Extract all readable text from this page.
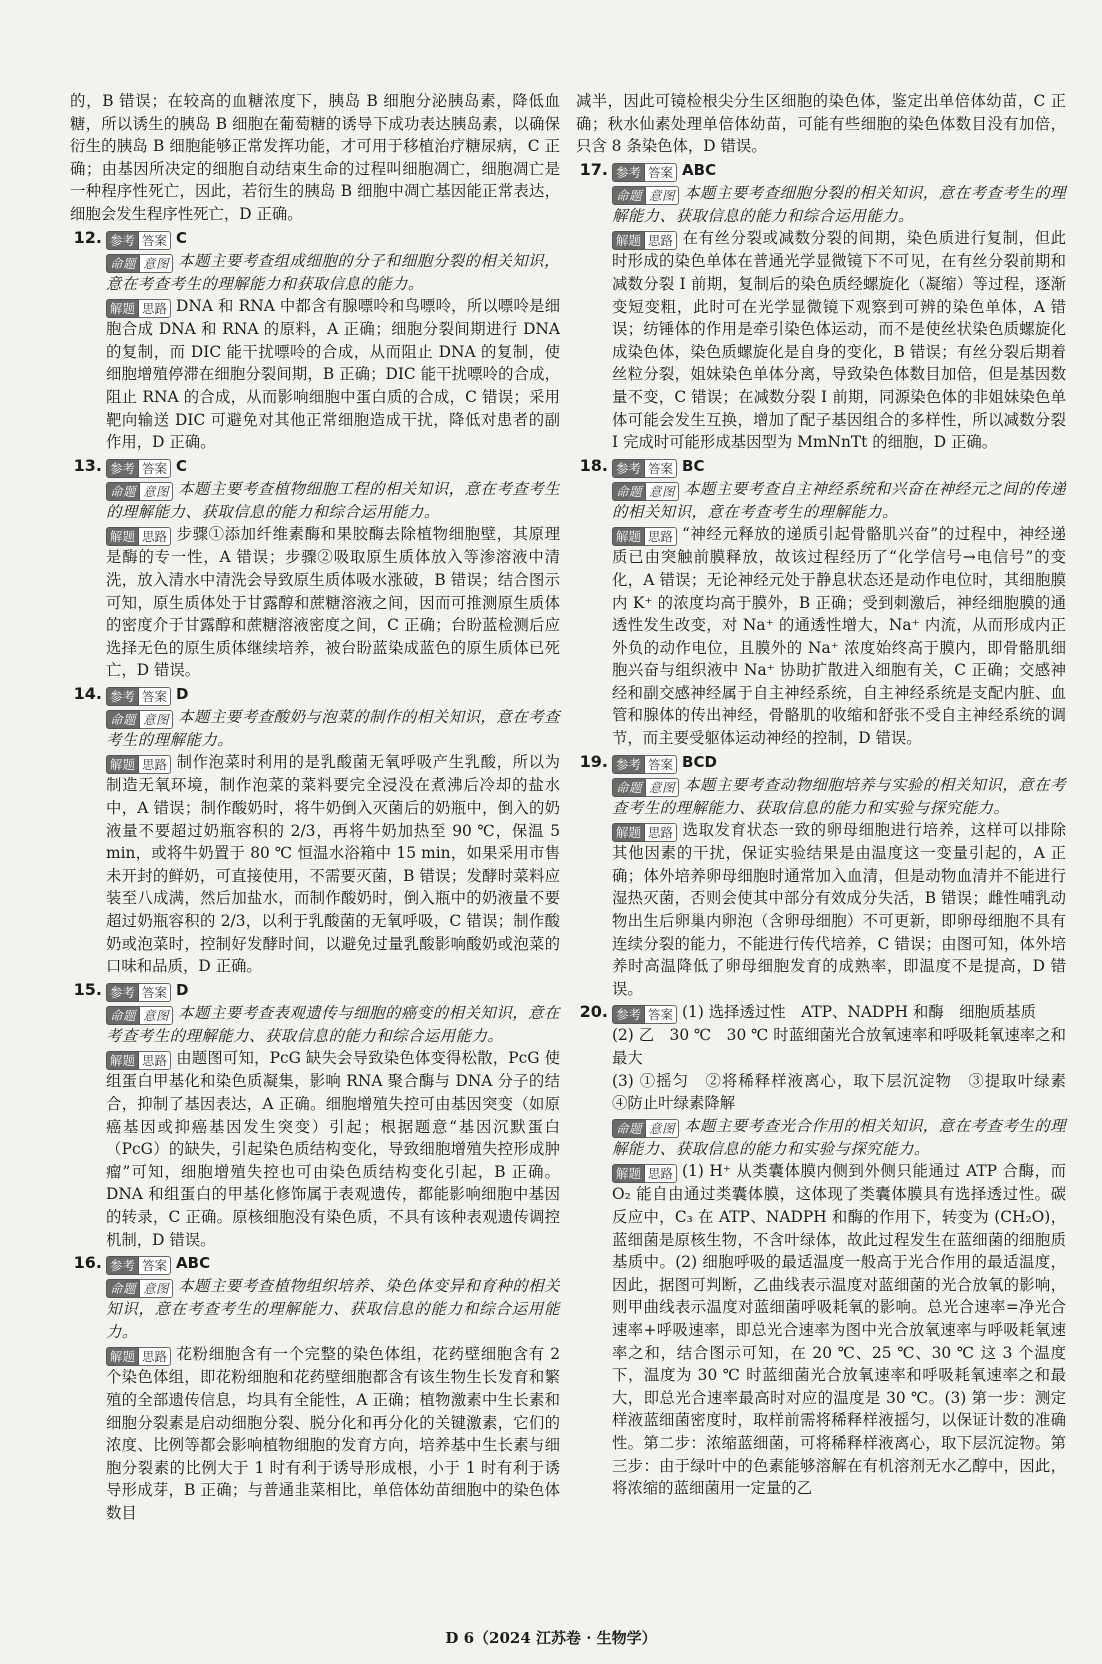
的，B 错误；在较高的血糖浓度下，胰岛 B 细胞分泌胰岛素，降低血糖，所以诱生的胰岛 B 细胞在葡萄糖的诱导下成功表达胰岛素，以确保衍生的胰岛 B 细胞能够正常发挥功能，才可用于移植治疗糖尿病，C 正确；由基因所决定的细胞自动结束生命的过程叫细胞凋亡，细胞凋亡是一种程序性死亡，因此，若衍生的胰岛 B 细胞中凋亡基因能正常表达，细胞会发生程序性死亡，D 正确。
12. 参考 答案 C
命题 意图 本题主要考查组成细胞的分子和细胞分裂的相关知识，意在考查考生的理解能力和获取信息的能力。
解题 思路 DNA 和 RNA 中都含有腺嘌呤和鸟嘌呤，所以嘌呤是细胞合成 DNA 和 RNA 的原料，A 正确；细胞分裂间期进行 DNA 的复制，而 DIC 能干扰嘌呤的合成，从而阻止 DNA 的复制，使细胞增殖停滞在细胞分裂间期，B 正确；DIC 能干扰嘌呤的合成，阻止 RNA 的合成，从而影响细胞中蛋白质的合成，C 错误；采用靶向输送 DIC 可避免对其他正常细胞造成干扰，降低对患者的副作用，D 正确。
13. 参考 答案 C
命题 意图 本题主要考查植物细胞工程的相关知识，意在考查考生的理解能力、获取信息的能力和综合运用能力。
解题 思路 步骤①添加纤维素酶和果胶酶去除植物细胞壁，其原理是酶的专一性，A 错误；步骤②吸取原生质体放入等渗溶液中清洗，放入清水中清洗会导致原生质体吸水涨破，B 错误；结合图示可知，原生质体处于甘露醇和蔗糖溶液之间，因而可推测原生质体的密度介于甘露醇和蔗糖溶液密度之间，C 正确；台盼蓝检测后应选择无色的原生质体继续培养，被台盼蓝染成蓝色的原生质体已死亡，D 错误。
14. 参考 答案 D
命题 意图 本题主要考查酸奶与泡菜的制作的相关知识，意在考查考生的理解能力。
解题 思路 制作泡菜时利用的是乳酸菌无氧呼吸产生乳酸，所以为制造无氧环境，制作泡菜的菜料要完全浸没在煮沸后冷却的盐水中，A 错误；制作酸奶时，将牛奶倒入灭菌后的奶瓶中，倒入的奶液量不要超过奶瓶容积的 2/3，再将牛奶加热至 90 ℃，保温 5 min，或将牛奶置于 80 ℃ 恒温水浴箱中 15 min，如果采用市售未开封的鲜奶，可直接使用，不需要灭菌，B 错误；发酵时菜料应装至八成满，然后加盐水，而制作酸奶时，倒入瓶中的奶液量不要超过奶瓶容积的 2/3，以利于乳酸菌的无氧呼吸，C 错误；制作酸奶或泡菜时，控制好发酵时间，以避免过量乳酸影响酸奶或泡菜的口味和品质，D 正确。
15. 参考 答案 D
命题 意图 本题主要考查表观遗传与细胞的癌变的相关知识，意在考查考生的理解能力、获取信息的能力和综合运用能力。
解题 思路 由题图可知，PcG 缺失会导致染色体变得松散，PcG 使组蛋白甲基化和染色质凝集，影响 RNA 聚合酶与 DNA 分子的结合，抑制了基因表达，A 正确。细胞增殖失控可由基因突变（如原癌基因或抑癌基因发生突变）引起；根据题意“基因沉默蛋白（PcG）的缺失，引起染色质结构变化，导致细胞增殖失控形成肿瘤”可知，细胞增殖失控也可由染色质结构变化引起，B 正确。DNA 和组蛋白的甲基化修饰属于表观遗传，都能影响细胞中基因的转录，C 正确。原核细胞没有染色质，不具有该种表观遗传调控机制，D 错误。
16. 参考 答案 ABC
命题 意图 本题主要考查植物组织培养、染色体变异和育种的相关知识，意在考查考生的理解能力、获取信息的能力和综合运用能力。
解题 思路 花粉细胞含有一个完整的染色体组，花药壁细胞含有 2 个染色体组，即花粉细胞和花药壁细胞都含有该生物生长发育和繁殖的全部遗传信息，均具有全能性，A 正确；植物激素中生长素和细胞分裂素是启动细胞分裂、脱分化和再分化的关键激素，它们的浓度、比例等都会影响植物细胞的发育方向，培养基中生长素与细胞分裂素的比例大于 1 时有利于诱导形成根，小于 1 时有利于诱导形成芽，B 正确；与普通韭菜相比，单倍体幼苗细胞中的染色体数目
减半，因此可镜检根尖分生区细胞的染色体，鉴定出单倍体幼苗，C 正确；秋水仙素处理单倍体幼苗，可能有些细胞的染色体数目没有加倍，只含 8 条染色体，D 错误。
17. 参考 答案 ABC
命题 意图 本题主要考查细胞分裂的相关知识，意在考查考生的理解能力、获取信息的能力和综合运用能力。
解题 思路 在有丝分裂或减数分裂的间期，染色质进行复制，但此时形成的染色单体在普通光学显微镜下不可见，在有丝分裂前期和减数分裂 Ⅰ 前期，复制后的染色质经螺旋化（凝缩）等过程，逐渐变短变粗，此时可在光学显微镜下观察到可辨的染色单体，A 错误；纺锤体的作用是牵引染色体运动，而不是使丝状染色质螺旋化成染色体，染色质螺旋化是自身的变化，B 错误；有丝分裂后期着丝粒分裂，姐妹染色单体分离，导致染色体数目加倍，但是基因数量不变，C 错误；在减数分裂 Ⅰ 前期，同源染色体的非姐妹染色单体可能会发生互换，增加了配子基因组合的多样性，所以减数分裂 Ⅰ 完成时可能形成基因型为 MmNnTt 的细胞，D 正确。
18. 参考 答案 BC
命题 意图 本题主要考查自主神经系统和兴奋在神经元之间的传递的相关知识，意在考查考生的理解能力。
解题 思路 “神经元释放的递质引起骨骼肌兴奋”的过程中，神经递质已由突触前膜释放，故该过程经历了“化学信号→电信号”的变化，A 错误；无论神经元处于静息状态还是动作电位时，其细胞膜内 K⁺ 的浓度均高于膜外，B 正确；受到刺激后，神经细胞膜的通透性发生改变，对 Na⁺ 的通透性增大，Na⁺ 内流，从而形成内正外负的动作电位，且膜外的 Na⁺ 浓度始终高于膜内，即骨骼肌细胞兴奋与组织液中 Na⁺ 协助扩散进入细胞有关，C 正确；交感神经和副交感神经属于自主神经系统，自主神经系统是支配内脏、血管和腺体的传出神经，骨骼肌的收缩和舒张不受自主神经系统的调节，而主要受躯体运动神经的控制，D 错误。
19. 参考 答案 BCD
命题 意图 本题主要考查动物细胞培养与实验的相关知识，意在考查考生的理解能力、获取信息的能力和实验与探究能力。
解题 思路 选取发育状态一致的卵母细胞进行培养，这样可以排除其他因素的干扰，保证实验结果是由温度这一变量引起的，A 正确；体外培养卵母细胞时通常加入血清，但是动物血清并不能进行湿热灭菌，否则会使其中部分有效成分失活，B 错误；雌性哺乳动物出生后卵巢内卵泡（含卵母细胞）不可更新，即卵母细胞不具有连续分裂的能力，不能进行传代培养，C 错误；由图可知，体外培养时高温降低了卵母细胞发育的成熟率，即温度不是提高，D 错误。
20. 参考 答案 (1) 选择透过性　ATP、NADPH 和酶　细胞质基质
(2) 乙　30 ℃　30 ℃ 时蓝细菌光合放氧速率和呼吸耗氧速率之和最大
(3) ①摇匀　②将稀释样液离心，取下层沉淀物　③提取叶绿素　④防止叶绿素降解
命题 意图 本题主要考查光合作用的相关知识，意在考查考生的理解能力、获取信息的能力和实验与探究能力。
解题 思路 (1) H⁺ 从类囊体膜内侧到外侧只能通过 ATP 合酶，而 O₂ 能自由通过类囊体膜，这体现了类囊体膜具有选择透过性。碳反应中，C₃ 在 ATP、NADPH 和酶的作用下，转变为 (CH₂O)，蓝细菌是原核生物，不含叶绿体，故此过程发生在蓝细菌的细胞质基质中。(2) 细胞呼吸的最适温度一般高于光合作用的最适温度，因此，据图可判断，乙曲线表示温度对蓝细菌的光合放氧的影响，则甲曲线表示温度对蓝细菌呼吸耗氧的影响。总光合速率=净光合速率+呼吸速率，即总光合速率为图中光合放氧速率与呼吸耗氧速率之和，结合图示可知，在 20 ℃、25 ℃、30 ℃ 这 3 个温度下，温度为 30 ℃ 时蓝细菌光合放氧速率和呼吸耗氧速率之和最大，即总光合速率最高时对应的温度是 30 ℃。(3) 第一步：测定样液蓝细菌密度时，取样前需将稀释样液摇匀，以保证计数的准确性。第二步：浓缩蓝细菌，可将稀释样液离心，取下层沉淀物。第三步：由于绿叶中的色素能够溶解在有机溶剂无水乙醇中，因此，将浓缩的蓝细菌用一定量的乙
D 6（2024 江苏卷 · 生物学）
